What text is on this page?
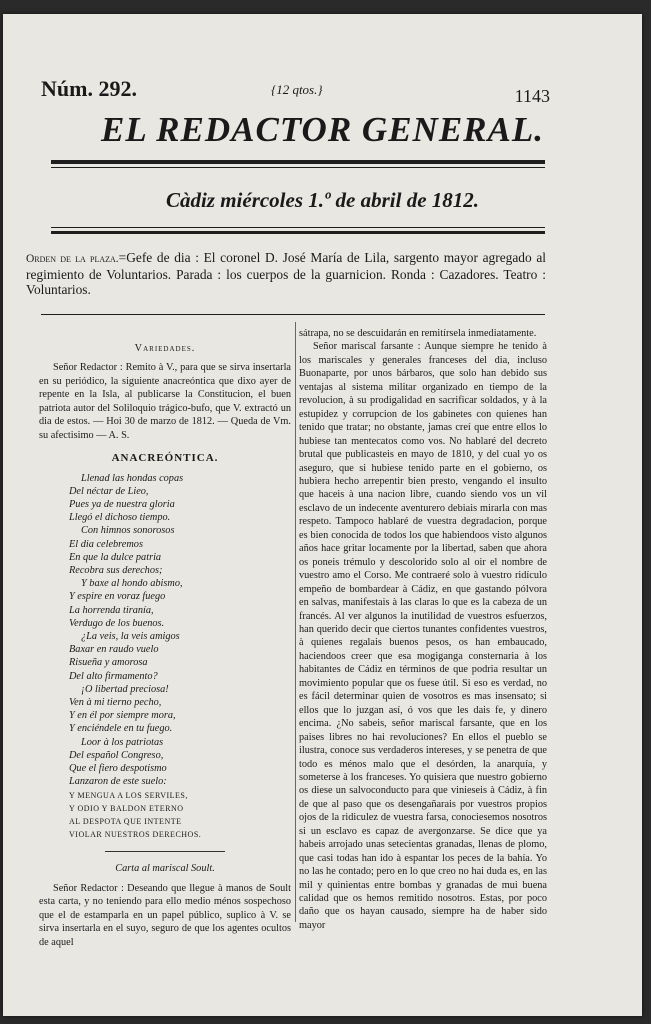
Núm. 292.	{12 qtos.}	1143
EL REDACTOR GENERAL.
Càdiz miércoles 1.º de abril de 1812.
Orden de la plaza.=Gefe de dia : El coronel D. José María de Lila, sargento mayor agregado al regimiento de Voluntarios. Parada : los cuerpos de la guarnicion. Ronda : Cazadores. Teatro : Voluntarios.
Variedades.

Señor Redactor : Remito à V., para que se sirva insertarla en su periódico, la siguiente anacreóntica que dixo ayer de repente en la Isla, al publicarse la Constitucion, el buen patriota autor del Soliloquio trágico-bufo, que V. extractó un dia de estos. — Hoi 30 de marzo de 1812. — Queda de Vm. su afectisimo — A. S.

ANACREÓNTICA.
Llenad las hondas copas
Del néctar de Lieo,
Pues ya de nuestra gloria
Llegó el dichoso tiempo.
Con himnos sonorosos
El dia celebremos
En que la dulce patria
Recobra sus derechos;
Y baxe al hondo abismo,
Y espire en voraz fuego
La horrenda tiranía,
Verdugo de los buenos.
¿La veis, la veis amigos
Baxar en raudo vuelo
Risueña y amorosa
Del alto firmamento?
¡O libertad preciosa!
Ven à mi tierno pecho,
Y en él por siempre mora,
Y enciéndele en tu fuego.
Loor à los patriotas
Del español Congreso,
Que el fiero despotismo
Lanzaron de este suelo:
Y MENGUA A LOS SERVILES,
Y ODIO Y BALDON ETERNO
AL DESPOTA QUE INTENTE
VIOLAR NUESTROS DERECHOS.
Carta al mariscal Soult.

Señor Redactor : Deseando que llegue à manos de Soult esta carta, y no teniendo para ello medio ménos sospechoso que el de estamparla en un papel público, suplico à V. se sirva insertarla en el suyo, seguro de que los agentes ocultos de aquel

sátrapa, no se descuidarán en remitírsela inmediatamente.

Señor mariscal farsante : Aunque siempre he tenido à los mariscales y generales franceses del dia, incluso Buonaparte, por unos bárbaros, que solo han debido sus ventajas al sistema militar organizado en tiempo de la revolucion, à su prodigalidad en sacrificar soldados, y à la estupidez y corrupcion de los gabinetes con quienes han tenido que tratar; no obstante, jamas creí que entre ellos lo hubiese tan mentecatos como vos. No hablaré del decreto brutal que publicasteis en mayo de 1810, y del cual yo os aseguro, que si hubiese tenido parte en el gobierno, os hubiera hecho arrepentir bien presto, vengando el insulto que haceis à una nacion libre, cuando siendo vos un vil esclavo de un indecente aventurero debiais mirarla con mas respeto. Tampoco hablaré de vuestra degradacion, porque es bien conocida de todos los que habiendoos visto algunos años hace gritar locamente por la libertad, saben que ahora os poneis trémulo y descolorido solo al oir el nombre de vuestro amo el Corso. Me contraeré solo à vuestro ridículo empeño de bombardear à Cádiz, en que gastando pólvora en salvas, manifestais à las claras lo que es la cabeza de un francés. Al ver algunos la inutilidad de vuestros esfuerzos, han querido decir que ciertos tunantes confidentes vuestros, à quienes regalais buenos pesos, os han embaucado, haciendoos creer que esa mogiganga consternaria à los habitantes de Cádiz en términos de que podria resultar un movimiento popular que os fuese útil. Si eso es verdad, no es fácil determinar quien de vosotros es mas insensato; si ellos que lo juzgan así, ó vos que les dais fe, y dinero encima. ¿No sabeis, señor mariscal farsante, que en los paises libres no hai revoluciones? En ellos el pueblo se ilustra, conoce sus verdaderos intereses, y se penetra de que todo es ménos malo que el desórden, la anarquía, y someterse à los franceses. Yo quisiera que nuestro gobierno os diese un salvoconducto para que vinieseis à Cádiz, à fin de que al paso que os desengañarais por vuestros propios ojos de la ridiculez de vuestra farsa, conociesemos nosotros si un esclavo es capaz de avergonzarse. Se dice que ya habeis arrojado unas setecientas granadas, llenas de plomo, que casi todas han ido à espantar los peces de la bahía. Yo no las he contado; pero en lo que creo no hai duda es, en las mil y quinientas entre bombas y granadas de mui buena calidad que os hemos remitido nosotros. Estas, por poco daño que os hayan causado, siempre ha de haber sido mayor
